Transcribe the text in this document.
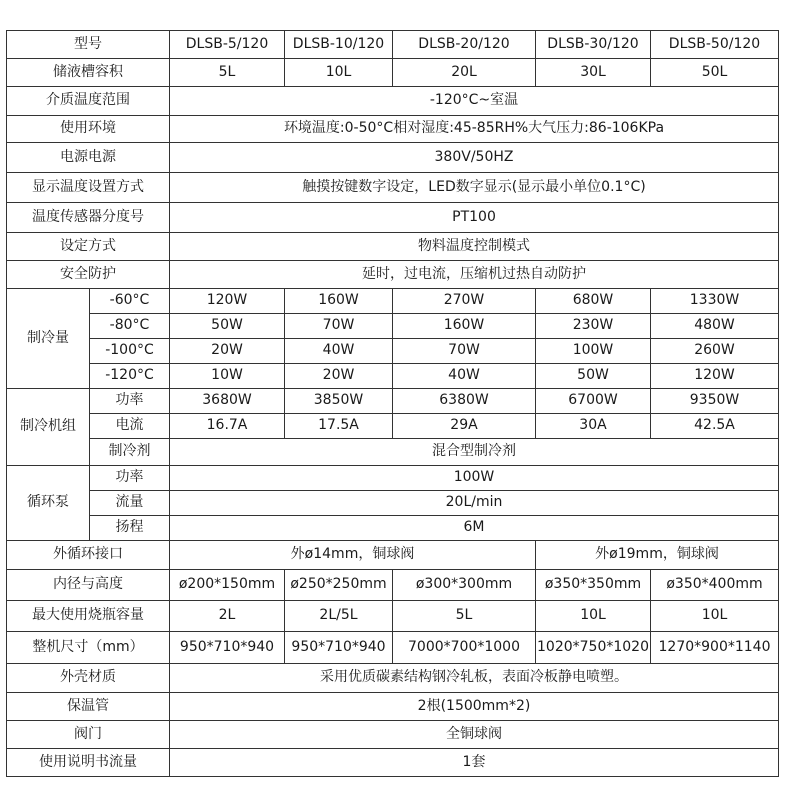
型号		DLSB-5/120	DLSB-10/120	DLSB-20/120	DLSB-30/120	DLSB-50/120
储液槽容积		5L	10L	20L	30L	50L
介质温度范围		-120°C~室温				
使用环境		环境温度:0-50°C相对湿度:45-85RH%大气压力:86-106KPa				
电源电源		380V/50HZ				
显示温度设置方式		触摸按键数字设定，LED数字显示(显示最小单位0.1°C)				
温度传感器分度号		PT100				
设定方式		物料温度控制模式				
安全防护		延时，过电流，压缩机过热自动防护				
制冷量	-60°C	120W	160W	270W	680W	1330W
	-80°C	50W	70W	160W	230W	480W
	-100°C	20W	40W	70W	100W	260W
	-120°C	10W	20W	40W	50W	120W
制冷机组	功率	3680W	3850W	6380W	6700W	9350W
	电流	16.7A	17.5A	29A	30A	42.5A
	制冷剂	混合型制冷剂				
循环泵	功率	100W				
	流量	20L/min				
	扬程	6M				
外循环接口		外ø14mm，铜球阀			外ø19mm，铜球阀	
内径与高度		ø200*150mm	ø250*250mm	ø300*300mm	ø350*350mm	ø350*400mm
最大使用烧瓶容量		2L	2L/5L	5L	10L	10L
整机尺寸（mm）		950*710*940	950*710*940	7000*700*1000	1020*750*1020	1270*900*1140
外壳材质		采用优质碳素结构钢冷轧板，表面冷板静电喷塑。				
保温管		2根(1500mm*2)				
阀门		全铜球阀				
使用说明书流量		1套				
